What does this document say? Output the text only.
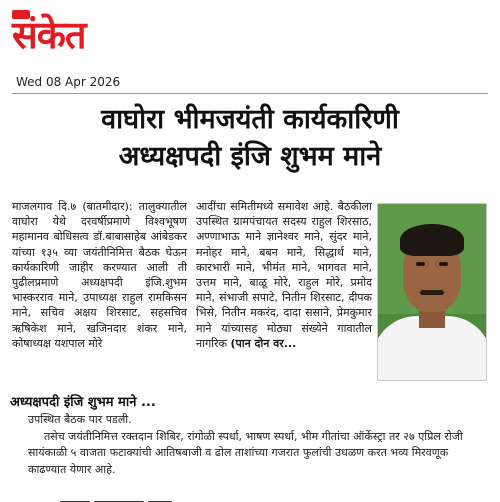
संकेत
Wed 08 Apr 2026
वाघोरा भीमजयंती कार्यकारिणी
अध्यक्षपदी इंजि शुभम माने
माजलगाव दि.७ (बातमीदार): तालुक्यातील वाघोरा येथे दरवर्षीप्रमाणे विश्वभूषण महामानव बोधिसत्व डॉ.बाबासाहेब आंबेडकर यांच्या १३५ व्या जयंतीनिमित्त बैठक घेऊन कार्यकारिणी जाहीर करण्यात आली ती पुढीलप्रमाणे अध्यक्षपदी इंजि.शुभम भास्करराव माने, उपाध्यक्ष राहुल रामकिसन माने, सचिव अक्षय शिरसाट, सहसचिव ऋषिकेश माने, खजिनदार शंकर माने, कोषाध्यक्ष यशपाल मोरे
आदींचा समितीमध्ये समावेश आहे. बैठकीला उपस्थित ग्रामपंचायत सदस्य राहुल शिरसाठ, अण्णाभाऊ माने ज्ञानेश्वर माने, सुंदर माने, मनोहर माने, बबन माने, सिद्धार्थ माने, कारभारी माने, भीमंत माने, भागवत माने, उत्तम माने, बाळू मोरे, राहुल मोरे, प्रमोद माने, संभाजी सपाटे, नितीन शिरसाट, दीपक भिसे, नितीन मकरंद, दादा ससाने, प्रेमकुमार माने यांच्यासह मोठ्या संख्येने गावातील नागरिक (पान दोन वर...
अध्यक्षपदी इंजि शुभम माने ...

उपस्थित बैठक पार पडली.

तसेच जयंतीनिमित्त रक्तदान शिबिर, रांगोळी स्पर्धा, भाषण स्पर्धा, भीम गीतांचा ऑर्केस्ट्रा तर २७ एप्रिल रोजी सायंकाळी ५ वाजता फटाक्यांची आतिषबाजी व ढोल ताशांच्या गजरात फुलांची उधळण करत भव्य मिरवणूक काढण्यात येणार आहे.
